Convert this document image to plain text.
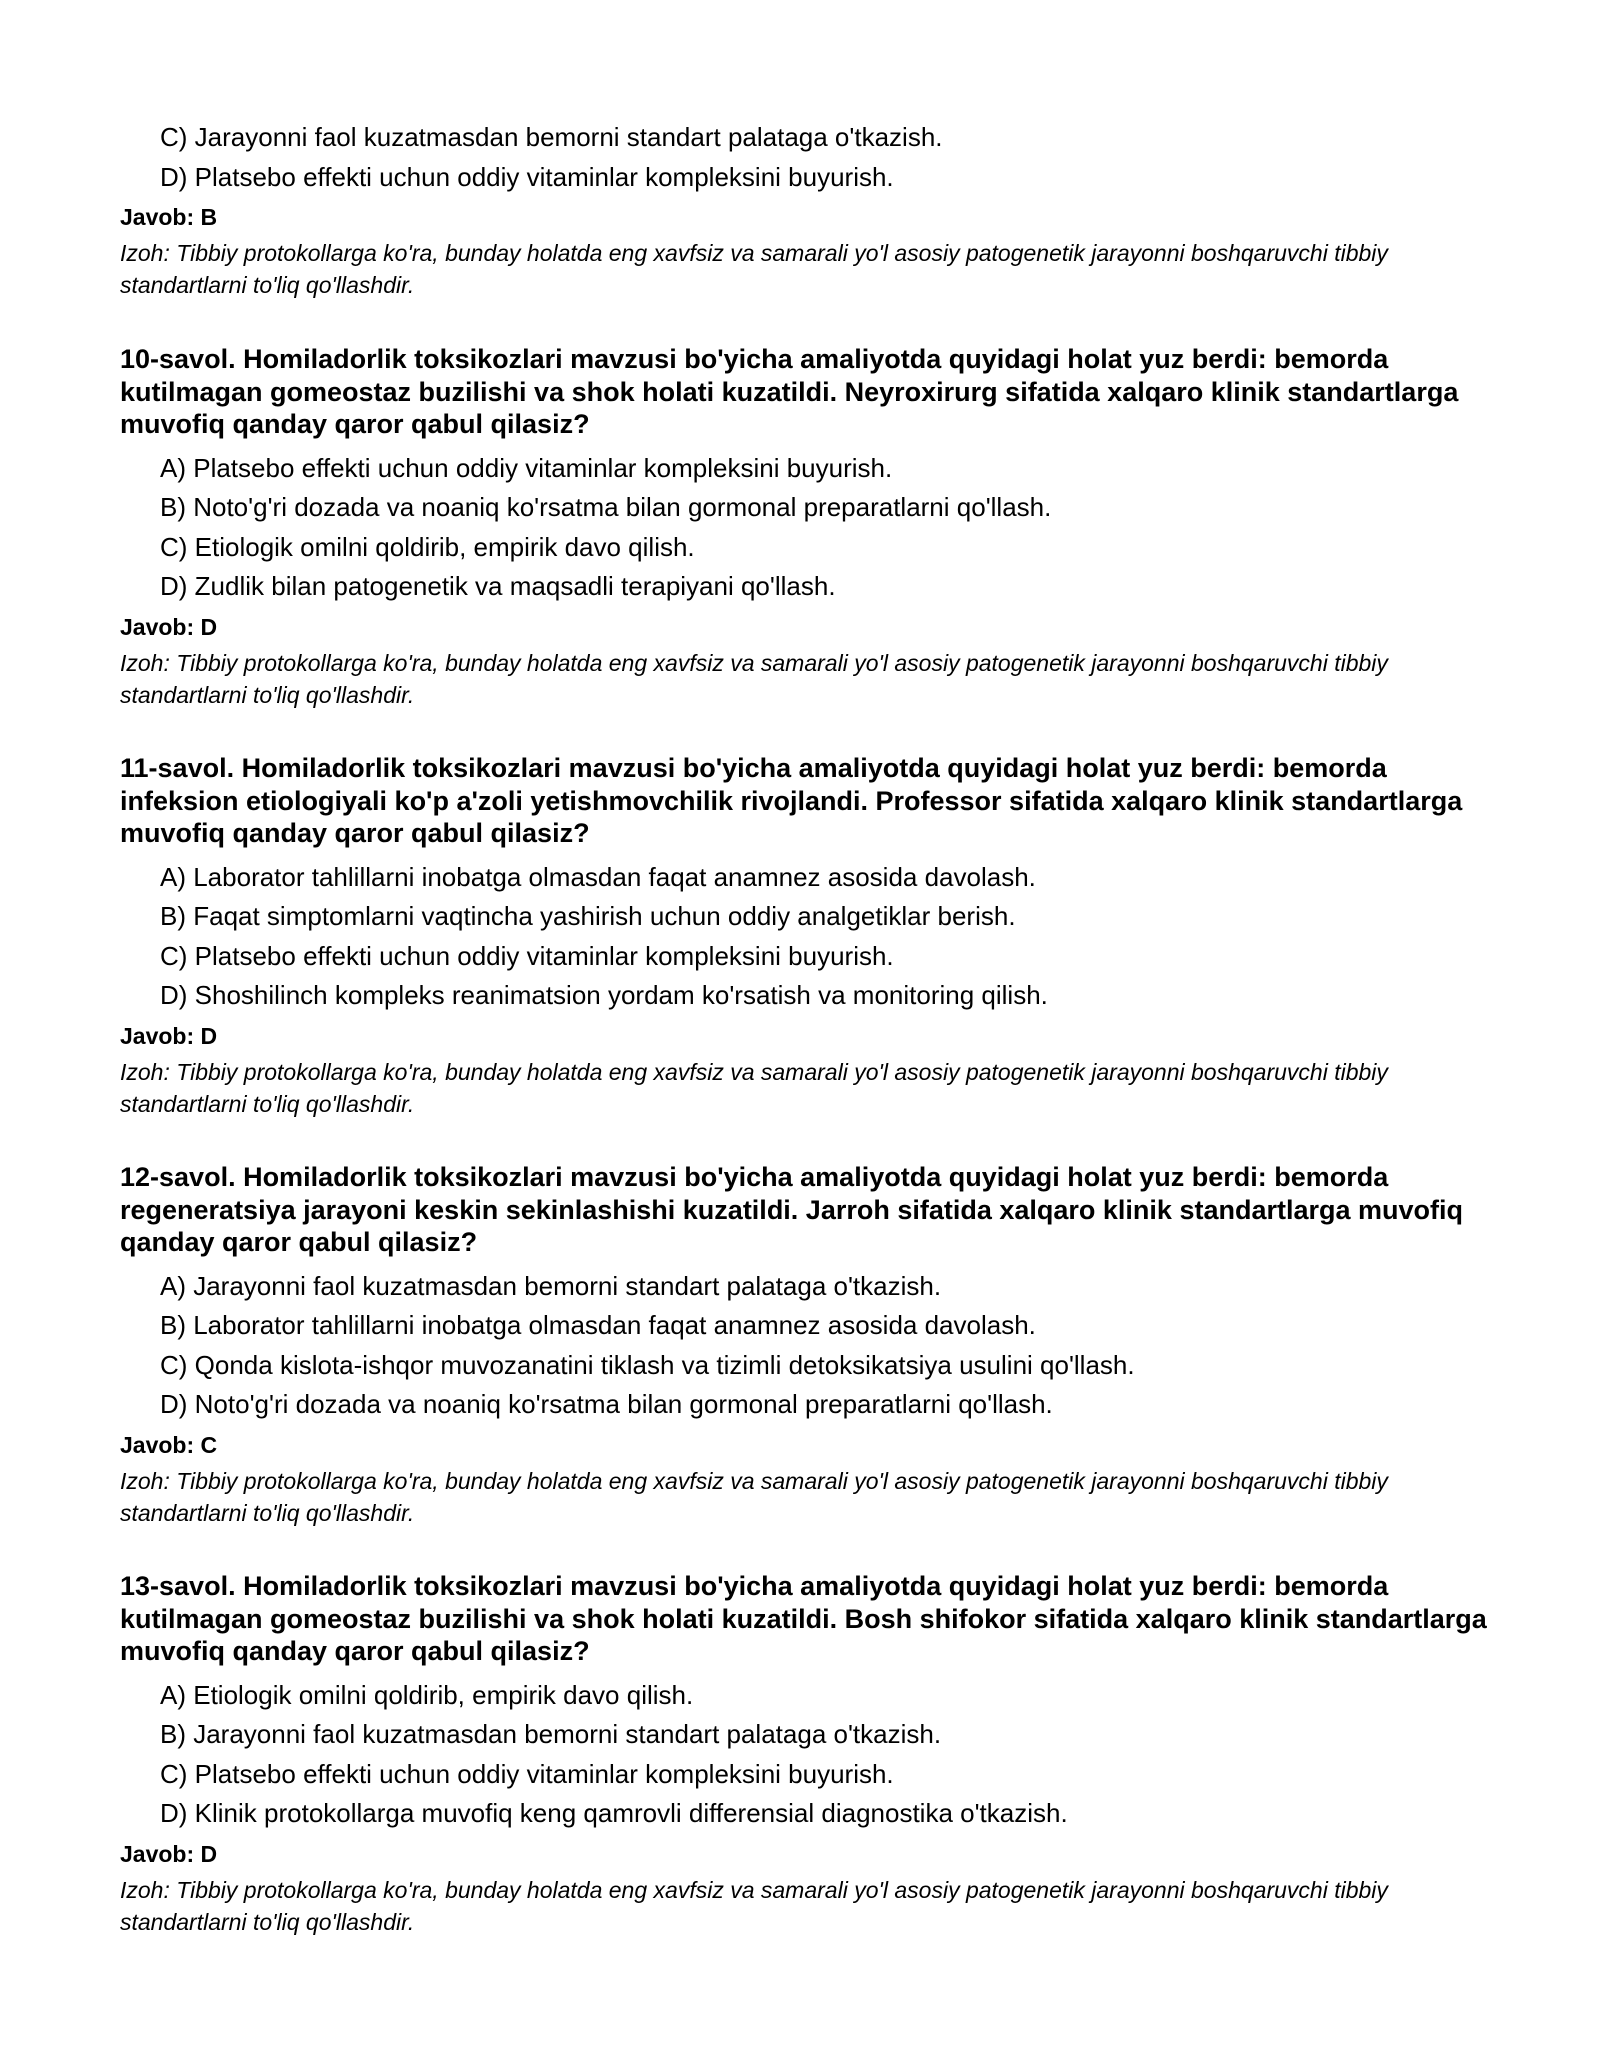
C) Jarayonni faol kuzatmasdan bemorni standart palataga o'tkazish.
D) Platsebo effekti uchun oddiy vitaminlar kompleksini buyurish.
Javob: B
Izoh: Tibbiy protokollarga ko'ra, bunday holatda eng xavfsiz va samarali yo'l asosiy patogenetik jarayonni boshqaruvchi tibbiy standartlarni to'liq qo'llashdir.
10-savol. Homiladorlik toksikozlari mavzusi bo'yicha amaliyotda quyidagi holat yuz berdi: bemorda kutilmagan gomeostaz buzilishi va shok holati kuzatildi. Neyroxirurg sifatida xalqaro klinik standartlarga muvofiq qanday qaror qabul qilasiz?
A) Platsebo effekti uchun oddiy vitaminlar kompleksini buyurish.
B) Noto'g'ri dozada va noaniq ko'rsatma bilan gormonal preparatlarni qo'llash.
C) Etiologik omilni qoldirib, empirik davo qilish.
D) Zudlik bilan patogenetik va maqsadli terapiyani qo'llash.
Javob: D
Izoh: Tibbiy protokollarga ko'ra, bunday holatda eng xavfsiz va samarali yo'l asosiy patogenetik jarayonni boshqaruvchi tibbiy standartlarni to'liq qo'llashdir.
11-savol. Homiladorlik toksikozlari mavzusi bo'yicha amaliyotda quyidagi holat yuz berdi: bemorda infeksion etiologiyali ko'p a'zoli yetishmovchilik rivojlandi. Professor sifatida xalqaro klinik standartlarga muvofiq qanday qaror qabul qilasiz?
A) Laborator tahlillarni inobatga olmasdan faqat anamnez asosida davolash.
B) Faqat simptomlarni vaqtincha yashirish uchun oddiy analgetiklar berish.
C) Platsebo effekti uchun oddiy vitaminlar kompleksini buyurish.
D) Shoshilinch kompleks reanimatsion yordam ko'rsatish va monitoring qilish.
Javob: D
Izoh: Tibbiy protokollarga ko'ra, bunday holatda eng xavfsiz va samarali yo'l asosiy patogenetik jarayonni boshqaruvchi tibbiy standartlarni to'liq qo'llashdir.
12-savol. Homiladorlik toksikozlari mavzusi bo'yicha amaliyotda quyidagi holat yuz berdi: bemorda regeneratsiya jarayoni keskin sekinlashishi kuzatildi. Jarroh sifatida xalqaro klinik standartlarga muvofiq qanday qaror qabul qilasiz?
A) Jarayonni faol kuzatmasdan bemorni standart palataga o'tkazish.
B) Laborator tahlillarni inobatga olmasdan faqat anamnez asosida davolash.
C) Qonda kislota-ishqor muvozanatini tiklash va tizimli detoksikatsiya usulini qo'llash.
D) Noto'g'ri dozada va noaniq ko'rsatma bilan gormonal preparatlarni qo'llash.
Javob: C
Izoh: Tibbiy protokollarga ko'ra, bunday holatda eng xavfsiz va samarali yo'l asosiy patogenetik jarayonni boshqaruvchi tibbiy standartlarni to'liq qo'llashdir.
13-savol. Homiladorlik toksikozlari mavzusi bo'yicha amaliyotda quyidagi holat yuz berdi: bemorda kutilmagan gomeostaz buzilishi va shok holati kuzatildi. Bosh shifokor sifatida xalqaro klinik standartlarga muvofiq qanday qaror qabul qilasiz?
A) Etiologik omilni qoldirib, empirik davo qilish.
B) Jarayonni faol kuzatmasdan bemorni standart palataga o'tkazish.
C) Platsebo effekti uchun oddiy vitaminlar kompleksini buyurish.
D) Klinik protokollarga muvofiq keng qamrovli differensial diagnostika o'tkazish.
Javob: D
Izoh: Tibbiy protokollarga ko'ra, bunday holatda eng xavfsiz va samarali yo'l asosiy patogenetik jarayonni boshqaruvchi tibbiy standartlarni to'liq qo'llashdir.
